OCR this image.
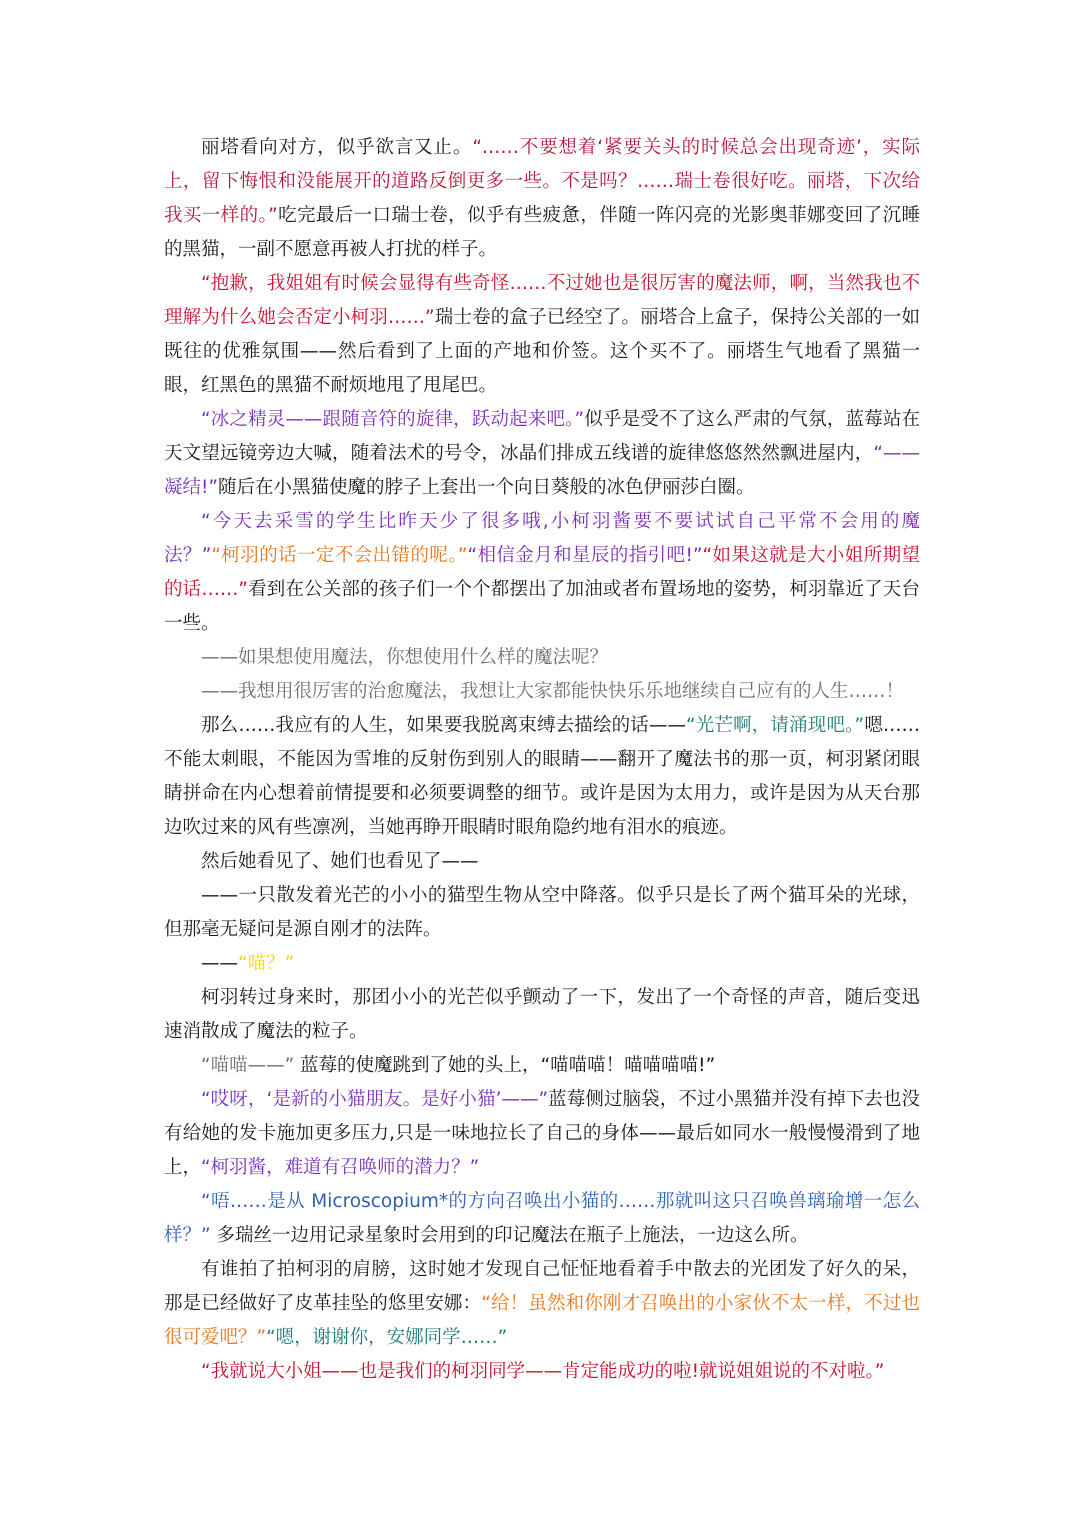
丽塔看向对方，似乎欲言又止。“……不要想着‘紧要关头的时候总会出现奇迹’，实际上，留下悔恨和没能展开的道路反倒更多一些。不是吗？……瑞士卷很好吃。丽塔，下次给我买一样的。”吃完最后一口瑞士卷，似乎有些疲惫，伴随一阵闪亮的光影奥菲娜变回了沉睡的黑猫，一副不愿意再被人打扰的样子。

“抱歉，我姐姐有时候会显得有些奇怪……不过她也是很厉害的魔法师，啊，当然我也不理解为什么她会否定小柯羽……”瑞士卷的盒子已经空了。丽塔合上盒子，保持公关部的一如既往的优雅氛围——然后看到了上面的产地和价签。这个买不了。丽塔生气地看了黑猫一眼，红黑色的黑猫不耐烦地甩了甩尾巴。

“冰之精灵——跟随音符的旋律，跃动起来吧。”似乎是受不了这么严肃的气氛，蓝莓站在天文望远镜旁边大喊，随着法术的号令，冰晶们排成五线谱的旋律悠悠然然飘进屋内，“——凝结!”随后在小黑猫使魔的脖子上套出一个向日葵般的冰色伊丽莎白圈。

“今天去采雪的学生比昨天少了很多哦,小柯羽酱要不要试试自己平常不会用的魔法？”“柯羽的话一定不会出错的呢。”“相信金月和星辰的指引吧!”“如果这就是大小姐所期望的话……”看到在公关部的孩子们一个个都摆出了加油或者布置场地的姿势，柯羽靠近了天台一些。

——如果想使用魔法，你想使用什么样的魔法呢？

——我想用很厉害的治愈魔法，我想让大家都能快快乐乐地继续自己应有的人生……！

那么……我应有的人生，如果要我脱离束缚去描绘的话——“光芒啊，请涌现吧。”嗯……不能太刺眼，不能因为雪堆的反射伤到别人的眼睛——翻开了魔法书的那一页，柯羽紧闭眼睛拼命在内心想着前情提要和必须要调整的细节。或许是因为太用力，或许是因为从天台那边吹过来的风有些凛冽，当她再睁开眼睛时眼角隐约地有泪水的痕迹。

然后她看见了、她们也看见了——

——一只散发着光芒的小小的猫型生物从空中降落。似乎只是长了两个猫耳朵的光球，但那毫无疑问是源自刚才的法阵。

——“喵？”

柯羽转过身来时，那团小小的光芒似乎颤动了一下，发出了一个奇怪的声音，随后变迅速消散成了魔法的粒子。

“喵喵——” 蓝莓的使魔跳到了她的头上，“喵喵喵！喵喵喵喵!”

“哎呀，‘是新的小猫朋友。是好小猫’——”蓝莓侧过脑袋，不过小黑猫并没有掉下去也没有给她的发卡施加更多压力,只是一味地拉长了自己的身体——最后如同水一般慢慢滑到了地上，“柯羽酱，难道有召唤师的潜力？”

“唔……是从 Microscopium*的方向召唤出小猫的……那就叫这只召唤兽璃瑜增一怎么样？” 多瑞丝一边用记录星象时会用到的印记魔法在瓶子上施法，一边这么所。

有谁拍了拍柯羽的肩膀，这时她才发现自己怔怔地看着手中散去的光团发了好久的呆，那是已经做好了皮革挂坠的悠里安娜：“给！虽然和你刚才召唤出的小家伙不太一样，不过也很可爱吧？”“嗯，谢谢你，安娜同学……”

“我就说大小姐——也是我们的柯羽同学——肯定能成功的啦!就说姐姐说的不对啦。”
